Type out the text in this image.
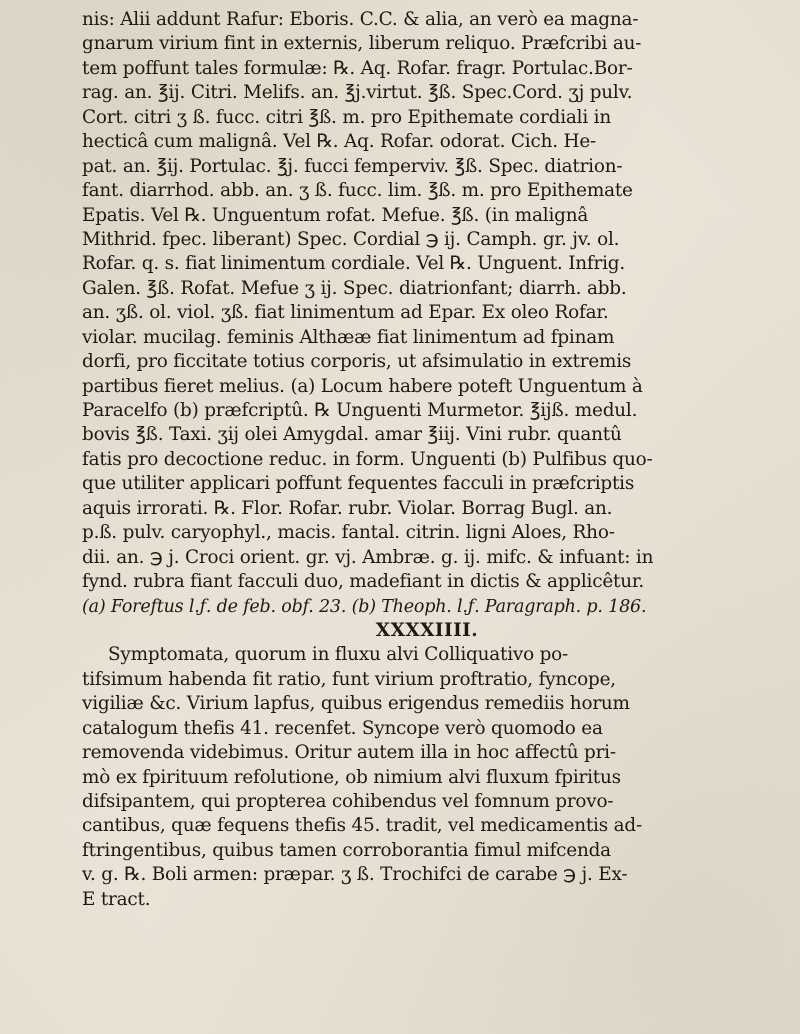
nis: Alii addunt Rafur: Eboris. C.C. & alia, an verò ea magna-
gnarum virium fint in externis, liberum reliquo. Præfcribi au-
tem poffunt tales formulæ: ℞. Aq. Rofar. fragr. Portulac.Bor-
rag. an. ℥ij. Citri. Melifs. an. ℥j.virtut. ℥ß. Spec.Cord. ʒj pulv.
Cort. citri ʒ ß. fucc. citri ℥ß. m. pro Epithemate cordiali in
hecticâ cum malignâ. Vel ℞. Aq. Rofar. odorat. Cich. He-
pat. an. ℥ij. Portulac. ℥j. fucci femperviv. ℥ß. Spec. diatrion-
fant. diarrhod. abb. an. ʒ ß. fucc. lim. ℥ß. m. pro Epithemate
Epatis. Vel ℞. Unguentum rofat. Mefue. ℥ß. (in malignâ
Mithrid. fpec. liberant) Spec. Cordial ℈ ij. Camph. gr. jv. ol.
Rofar. q. s. fiat linimentum cordiale. Vel ℞. Unguent. Infrig.
Galen. ℥ß. Rofat. Mefue ʒ ij. Spec. diatrionfant; diarrh. abb.
an. ʒß. ol. viol. ʒß. fiat linimentum ad Epar. Ex oleo Rofar.
violar. mucilag. feminis Althææ fiat linimentum ad fpinam
dorfi, pro ficcitate totius corporis, ut afsimulatio in extremis
partibus fieret melius. (a) Locum habere poteft Unguentum à
Paracelfo (b) præfcriptû. ℞ Unguenti Murmetor. ℥ijß. medul.
bovis ℥ß. Taxi. ʒij olei Amygdal. amar ℥iij. Vini rubr. quantû
fatis pro decoctione reduc. in form. Unguenti (b) Pulfibus quo-
que utiliter applicari poffunt fequentes facculi in præfcriptis
aquis irrorati. ℞. Flor. Rofar. rubr. Violar. Borrag Bugl. an.
p.ß. pulv. caryophyl., macis. fantal. citrin. ligni Aloes, Rho-
dii. an. ℈ j. Croci orient. gr. vj. Ambræ. g. ij. mifc. & infuant: in
fynd. rubra fiant facculi duo, madefiant in dictis & applicêtur.
(a) Foreftus l.ƒ. de feb. obf. 23. (b) Theoph. l.ƒ. Paragraph. p. 186.
XXXXIIII.
Symptomata, quorum in fluxu alvi Colliquativo po-
tifsimum habenda fit ratio, funt virium proftratio, fyncope,
vigiliæ &c. Virium lapfus, quibus erigendus remediis horum
catalogum thefis 41. recenfet. Syncope verò quomodo ea
removenda videbimus. Oritur autem illa in hoc affectû pri-
mò ex fpirituum refolutione, ob nimium alvi fluxum fpiritus
difsipantem, qui propterea cohibendus vel fomnum provo-
cantibus, quæ fequens thefis 45. tradit, vel medicamentis ad-
ftringentibus, quibus tamen corroborantia fimul mifcenda
v. g. ℞. Boli armen: præpar. ʒ ß. Trochifci de carabe ℈ j. Ex-
E tract.
